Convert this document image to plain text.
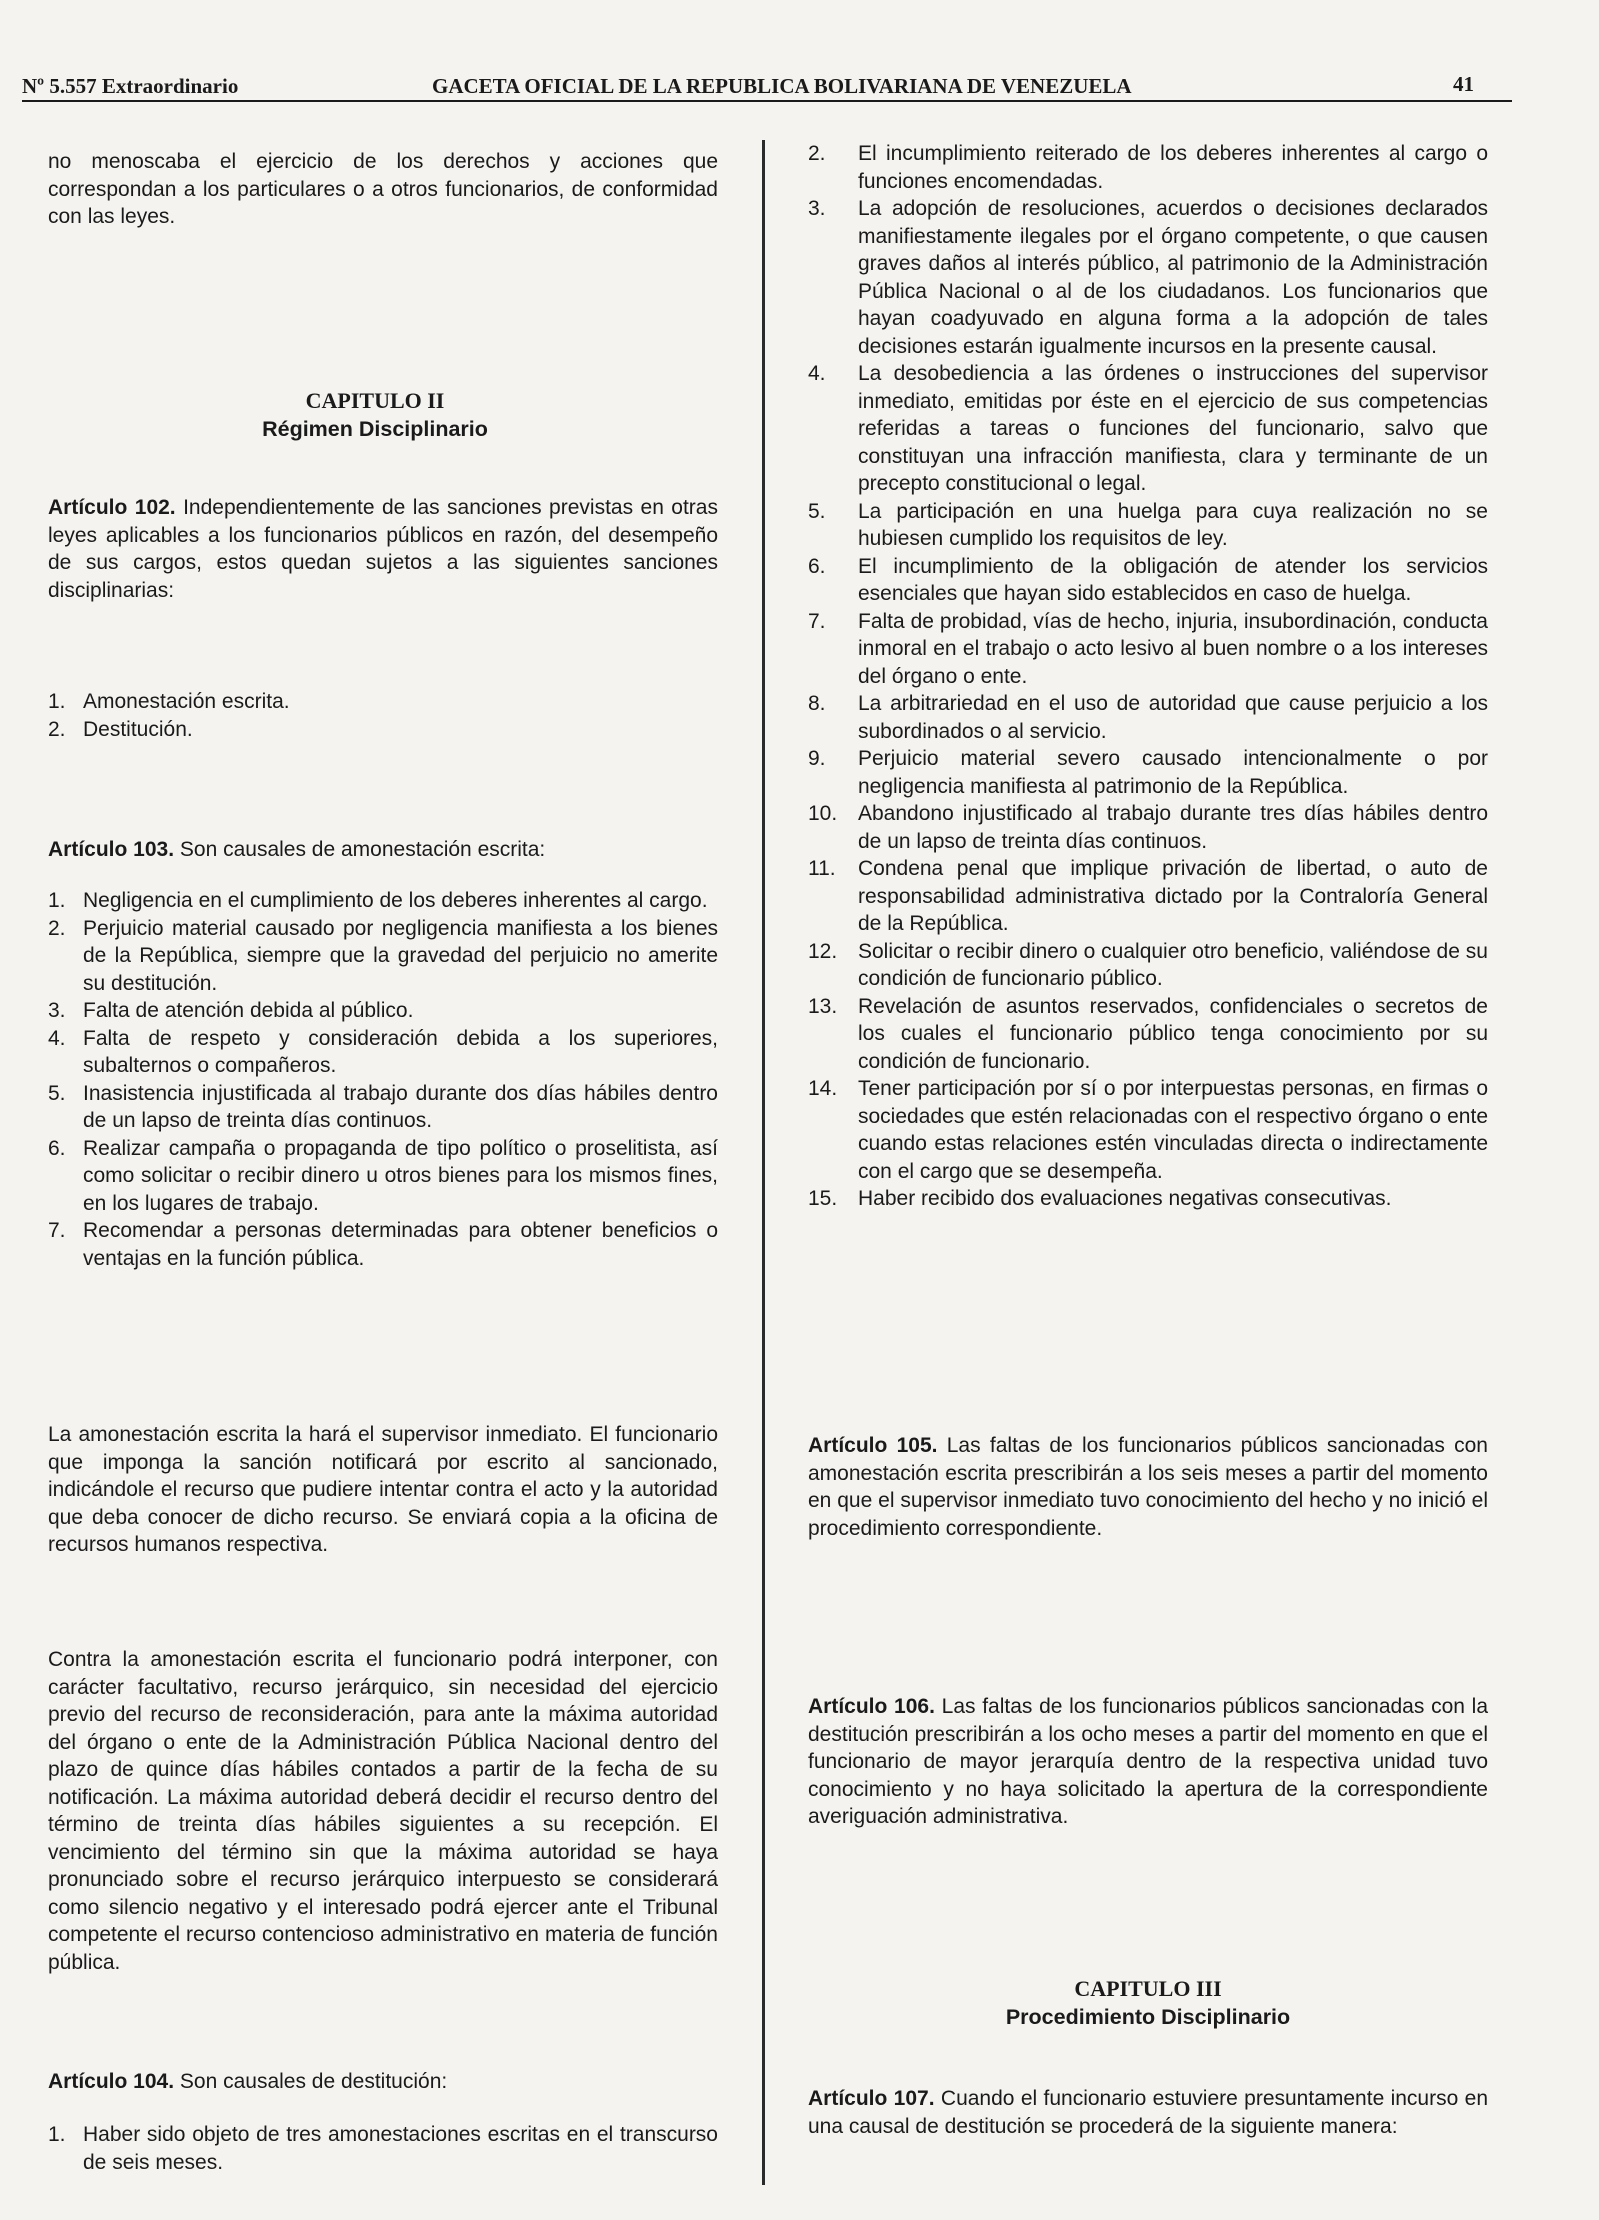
Nº 5.557 Extraordinario	GACETA OFICIAL DE LA REPUBLICA BOLIVARIANA DE VENEZUELA	41

no menoscaba el ejercicio de los derechos y acciones que correspondan a los particulares o a otros funcionarios, de conformidad con las leyes.

CAPITULO II
Régimen Disciplinario

Artículo 102. Independientemente de las sanciones previstas en otras leyes aplicables a los funcionarios públicos en razón, del desempeño de sus cargos, estos quedan sujetos a las siguientes sanciones disciplinarias:

1. Amonestación escrita.
2. Destitución.

Artículo 103. Son causales de amonestación escrita:

1. Negligencia en el cumplimiento de los deberes inherentes al cargo.
2. Perjuicio material causado por negligencia manifiesta a los bienes de la República, siempre que la gravedad del perjuicio no amerite su destitución.
3. Falta de atención debida al público.
4. Falta de respeto y consideración debida a los superiores, subalternos o compañeros.
5. Inasistencia injustificada al trabajo durante dos días hábiles dentro de un lapso de treinta días continuos.
6. Realizar campaña o propaganda de tipo político o proselitista, así como solicitar o recibir dinero u otros bienes para los mismos fines, en los lugares de trabajo.
7. Recomendar a personas determinadas para obtener beneficios o ventajas en la función pública.

La amonestación escrita la hará el supervisor inmediato. El funcionario que imponga la sanción notificará por escrito al sancionado, indicándole el recurso que pudiere intentar contra el acto y la autoridad que deba conocer de dicho recurso. Se enviará copia a la oficina de recursos humanos respectiva.

Contra la amonestación escrita el funcionario podrá interponer, con carácter facultativo, recurso jerárquico, sin necesidad del ejercicio previo del recurso de reconsideración, para ante la máxima autoridad del órgano o ente de la Administración Pública Nacional dentro del plazo de quince días hábiles contados a partir de la fecha de su notificación. La máxima autoridad deberá decidir el recurso dentro del término de treinta días hábiles siguientes a su recepción. El vencimiento del término sin que la máxima autoridad se haya pronunciado sobre el recurso jerárquico interpuesto se considerará como silencio negativo y el interesado podrá ejercer ante el Tribunal competente el recurso contencioso administrativo en materia de función pública.

Artículo 104. Son causales de destitución:

1. Haber sido objeto de tres amonestaciones escritas en el transcurso de seis meses.
2. El incumplimiento reiterado de los deberes inherentes al cargo o funciones encomendadas.
3. La adopción de resoluciones, acuerdos o decisiones declarados manifiestamente ilegales por el órgano competente, o que causen graves daños al interés público, al patrimonio de la Administración Pública Nacional o al de los ciudadanos. Los funcionarios que hayan coadyuvado en alguna forma a la adopción de tales decisiones estarán igualmente incursos en la presente causal.
4. La desobediencia a las órdenes o instrucciones del supervisor inmediato, emitidas por éste en el ejercicio de sus competencias referidas a tareas o funciones del funcionario, salvo que constituyan una infracción manifiesta, clara y terminante de un precepto constitucional o legal.
5. La participación en una huelga para cuya realización no se hubiesen cumplido los requisitos de ley.
6. El incumplimiento de la obligación de atender los servicios esenciales que hayan sido establecidos en caso de huelga.
7. Falta de probidad, vías de hecho, injuria, insubordinación, conducta inmoral en el trabajo o acto lesivo al buen nombre o a los intereses del órgano o ente.
8. La arbitrariedad en el uso de autoridad que cause perjuicio a los subordinados o al servicio.
9. Perjuicio material severo causado intencionalmente o por negligencia manifiesta al patrimonio de la República.
10. Abandono injustificado al trabajo durante tres días hábiles dentro de un lapso de treinta días continuos.
11. Condena penal que implique privación de libertad, o auto de responsabilidad administrativa dictado por la Contraloría General de la República.
12. Solicitar o recibir dinero o cualquier otro beneficio, valiéndose de su condición de funcionario público.
13. Revelación de asuntos reservados, confidenciales o secretos de los cuales el funcionario público tenga conocimiento por su condición de funcionario.
14. Tener participación por sí o por interpuestas personas, en firmas o sociedades que estén relacionadas con el respectivo órgano o ente cuando estas relaciones estén vinculadas directa o indirectamente con el cargo que se desempeña.
15. Haber recibido dos evaluaciones negativas consecutivas.

Artículo 105. Las faltas de los funcionarios públicos sancionadas con amonestación escrita prescribirán a los seis meses a partir del momento en que el supervisor inmediato tuvo conocimiento del hecho y no inició el procedimiento correspondiente.

Artículo 106. Las faltas de los funcionarios públicos sancionadas con la destitución prescribirán a los ocho meses a partir del momento en que el funcionario de mayor jerarquía dentro de la respectiva unidad tuvo conocimiento y no haya solicitado la apertura de la correspondiente averiguación administrativa.

CAPITULO III
Procedimiento Disciplinario

Artículo 107. Cuando el funcionario estuviere presuntamente incurso en una causal de destitución se procederá de la siguiente manera:
